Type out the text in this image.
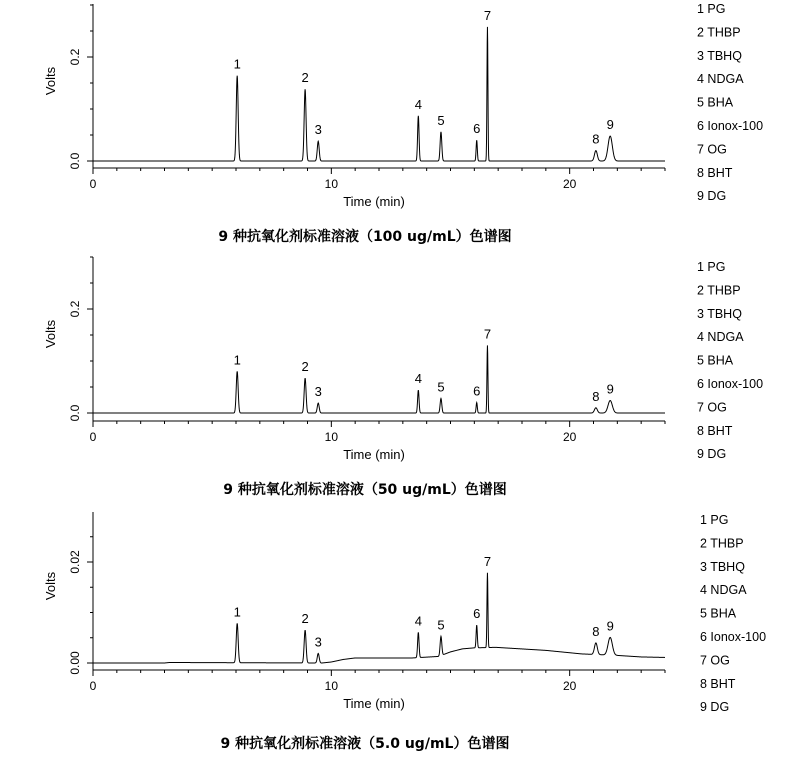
0	10	20
0.0
0.2
Time (min)
Volts
1
2
3
4
5
6
7
8
9
1 PG
2 THBP
3 TBHQ
4 NDGA
5 BHA
6 Ionox-100
7 OG
8 BHT
9 DG
9 种抗氧化剂标准溶液（100 ug/mL）色谱图
0	10	20
0.0
0.2
Time (min)
Volts
1	2
3
4
5 6
7
8 9
1 PG
2 THBP
3 TBHQ
4 NDGA
5 BHA
6 Ionox-100
7 OG
8 BHT
9 DG
9 种抗氧化剂标准溶液（50 ug/mL）色谱图
0	10	20
0.00
0.02
Time (min)
Volts
1	2
3
4 5
6
7
8 9
1 PG
2 THBP
3 TBHQ
4 NDGA
5 BHA
6 Ionox-100
7 OG
8 BHT
9 DG
9 种抗氧化剂标准溶液（5.0 ug/mL）色谱图
